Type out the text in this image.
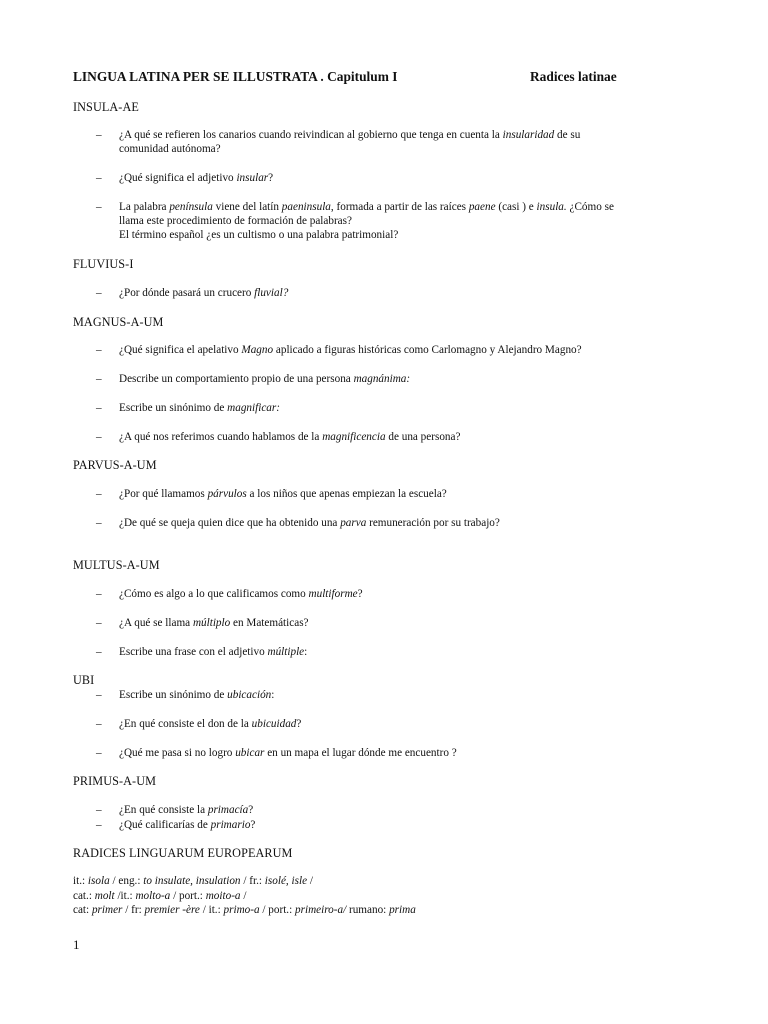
LINGUA LATINA PER SE ILLUSTRATA . Capitulum I	Radices latinae
INSULA-AE
– ¿A qué se refieren los canarios cuando reivindican al gobierno que tenga en cuenta la insularidad de su
comunidad autónoma?
– ¿Qué significa el adjetivo insular?
– La palabra península viene del latín paeninsula, formada a partir de las raíces paene (casi ) e insula. ¿Cómo se
llama este procedimiento de formación de palabras?
El término español ¿es un cultismo o una palabra patrimonial?
FLUVIUS-I
– ¿Por dónde pasará un crucero fluvial?
MAGNUS-A-UM
– ¿Qué significa el apelativo Magno aplicado a figuras históricas como Carlomagno y Alejandro Magno?
– Describe un comportamiento propio de una persona magnánima:
– Escribe un sinónimo de magnificar:
– ¿A qué nos referimos cuando hablamos de la magnificencia de una persona?
PARVUS-A-UM
– ¿Por qué llamamos párvulos a los niños que apenas empiezan la escuela?
– ¿De qué se queja quien dice que ha obtenido una parva remuneración por su trabajo?
MULTUS-A-UM
– ¿Cómo es algo a lo que calificamos como multiforme?
– ¿A qué se llama múltiplo en Matemáticas?
– Escribe una frase con el adjetivo múltiple:
UBI
– Escribe un sinónimo de ubicación:
– ¿En qué consiste el don de la ubicuidad?
– ¿Qué me pasa si no logro ubicar en un mapa el lugar dónde me encuentro ?
PRIMUS-A-UM
– ¿En qué consiste la primacía?
– ¿Qué calificarías de primario?
RADICES LINGUARUM EUROPEARUM
it.: isola / eng.: to insulate, insulation / fr.: isolé, isle /
cat.: molt /it.: molto-a / port.: moito-a /
cat: primer / fr: premier -ère / it.: primo-a / port.: primeiro-a/ rumano: prima
1
